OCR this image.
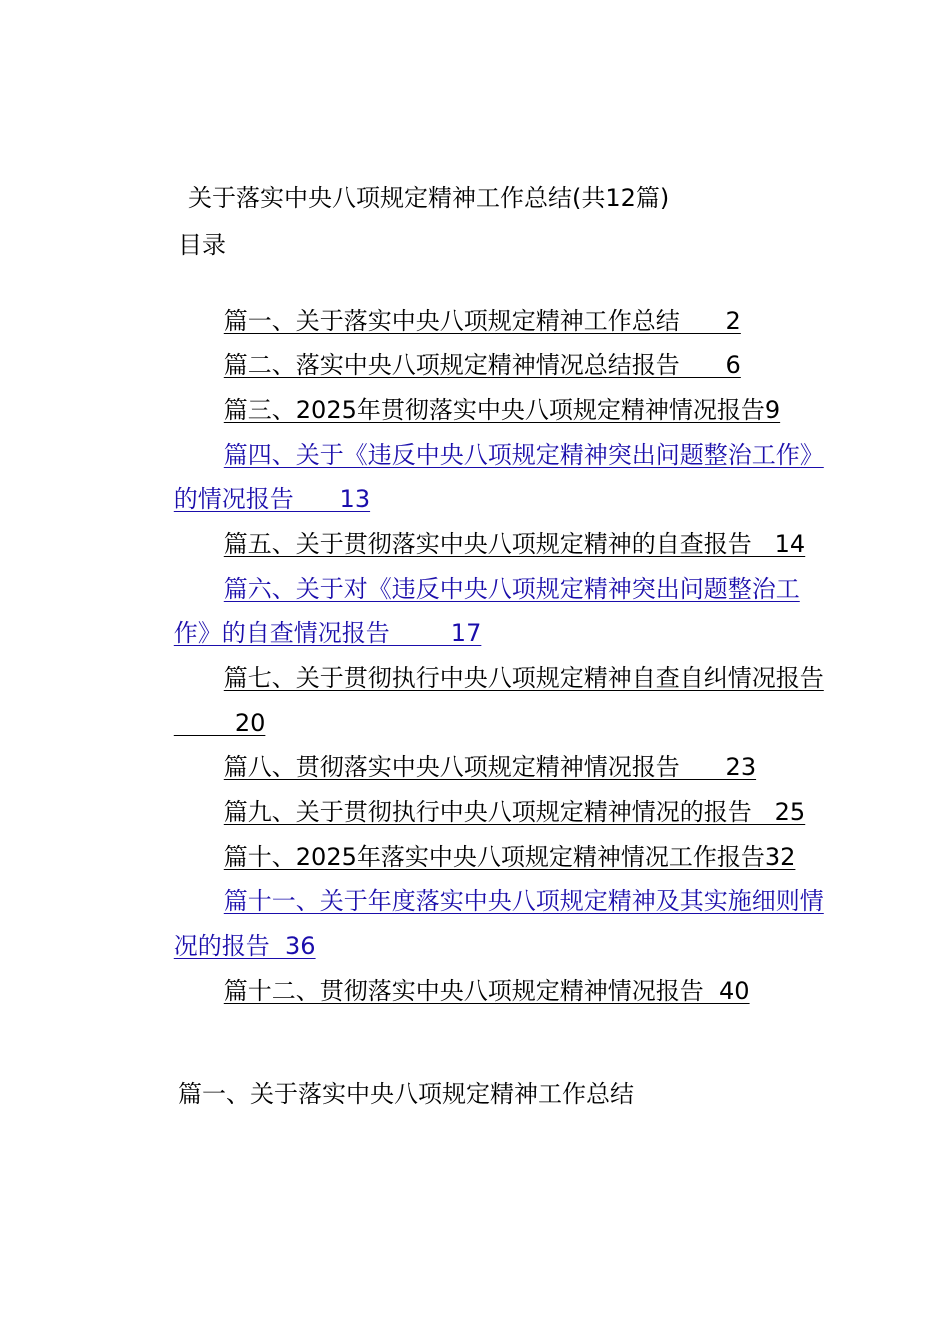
关于落实中央八项规定精神工作总结(共12篇)
目录

篇一、关于落实中央八项规定精神工作总结      2

篇二、落实中央八项规定精神情况总结报告      6

篇三、2025年贯彻落实中央八项规定精神情况报告9

篇四、关于《违反中央八项规定精神突出问题整治工作》

的情况报告      13

篇五、关于贯彻落实中央八项规定精神的自查报告   14

篇六、关于对《违反中央八项规定精神突出问题整治工

作》的自查情况报告        17

篇七、关于贯彻执行中央八项规定精神自查自纠情况报告

20

篇八、贯彻落实中央八项规定精神情况报告      23

篇九、关于贯彻执行中央八项规定精神情况的报告   25

篇十、2025年落实中央八项规定精神情况工作报告32

篇十一、关于年度落实中央八项规定精神及其实施细则情

况的报告  36

篇十二、贯彻落实中央八项规定精神情况报告  40

篇一、关于落实中央八项规定精神工作总结
